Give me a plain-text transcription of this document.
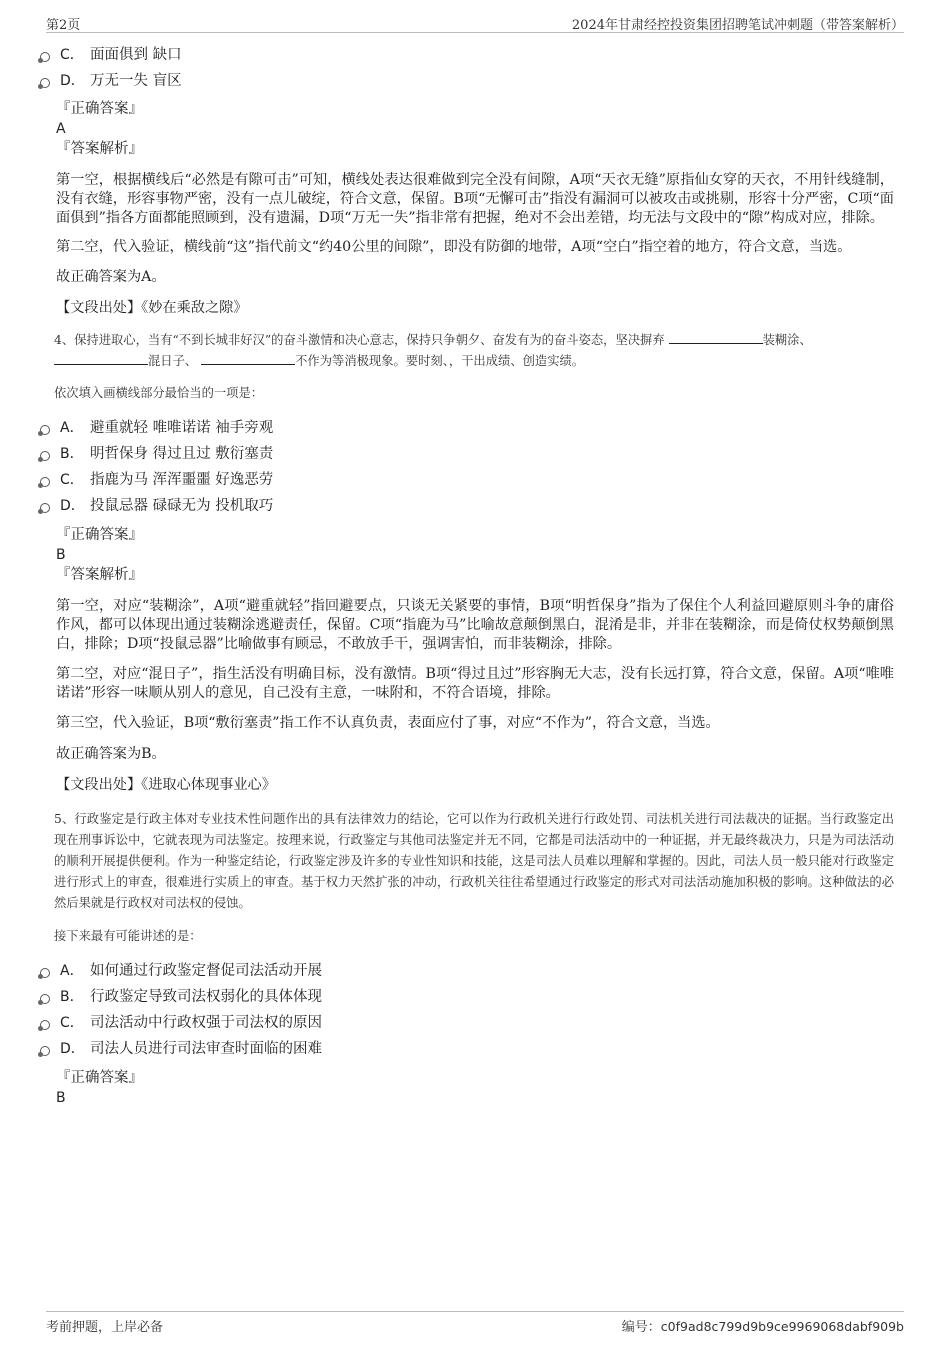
第2页	2024年甘肃经控投资集团招聘笔试冲刺题（带答案解析）
C． 面面俱到 缺口
D． 万无一失 盲区

『正确答案』

A

『答案解析』

第一空，根据横线后“必然是有隙可击”可知，横线处表达很难做到完全没有间隙，A项“天衣无缝”原指仙女穿的天衣，不用针线缝制，没有衣缝，形容事物严密，没有一点儿破绽，符合文意，保留。B项“无懈可击”指没有漏洞可以被攻击或挑剔，形容十分严密，C项“面面俱到”指各方面都能照顾到，没有遗漏，D项“万无一失”指非常有把握，绝对不会出差错，均无法与文段中的“隙”构成对应，排除。

第二空，代入验证，横线前“这”指代前文“约40公里的间隙”，即没有防御的地带，A项“空白”指空着的地方，符合文意，当选。

故正确答案为A。

【文段出处】《妙在乘敌之隙》

4、保持进取心，当有“不到长城非好汉”的奋斗激情和决心意志，保持只争朝夕、奋发有为的奋斗姿态，坚决摒弃	装糊涂、
混日子、	不作为等消极现象。要时刻、，干出成绩、创造实绩。

依次填入画横线部分最恰当的一项是：

A． 避重就轻 唯唯诺诺 袖手旁观
B． 明哲保身 得过且过 敷衍塞责
C． 指鹿为马 浑浑噩噩 好逸恶劳
D． 投鼠忌器 碌碌无为 投机取巧

『正确答案』

B

『答案解析』

第一空，对应“装糊涂”，A项“避重就轻”指回避要点，只谈无关紧要的事情，B项“明哲保身”指为了保住个人利益回避原则斗争的庸俗作风，都可以体现出通过装糊涂逃避责任，保留。C项“指鹿为马”比喻故意颠倒黑白，混淆是非，并非在装糊涂，而是倚仗权势颠倒黑白，排除；D项“投鼠忌器”比喻做事有顾忌，不敢放手干，强调害怕，而非装糊涂，排除。

第二空，对应“混日子”，指生活没有明确目标，没有激情。B项“得过且过”形容胸无大志，没有长远打算，符合文意，保留。A项“唯唯诺诺”形容一味顺从别人的意见，自己没有主意，一味附和，不符合语境，排除。

第三空，代入验证，B项“敷衍塞责”指工作不认真负责，表面应付了事，对应“不作为”，符合文意，当选。

故正确答案为B。

【文段出处】《进取心体现事业心》

5、行政鉴定是行政主体对专业技术性问题作出的具有法律效力的结论，它可以作为行政机关进行行政处罚、司法机关进行司法裁决的证据。当行政鉴定出现在刑事诉讼中，它就表现为司法鉴定。按理来说，行政鉴定与其他司法鉴定并无不同，它都是司法活动中的一种证据，并无最终裁决力，只是为司法活动的顺利开展提供便利。作为一种鉴定结论，行政鉴定涉及许多的专业性知识和技能，这是司法人员难以理解和掌握的。因此，司法人员一般只能对行政鉴定进行形式上的审查，很难进行实质上的审查。基于权力天然扩张的冲动，行政机关往往希望通过行政鉴定的形式对司法活动施加积极的影响。这种做法的必然后果就是行政权对司法权的侵蚀。

接下来最有可能讲述的是：

A． 如何通过行政鉴定督促司法活动开展
B． 行政鉴定导致司法权弱化的具体体现
C． 司法活动中行政权强于司法权的原因
D． 司法人员进行司法审查时面临的困难

『正确答案』

B

考前押题，上岸必备	编号：c0f9ad8c799d9b9ce9969068dabf909b
